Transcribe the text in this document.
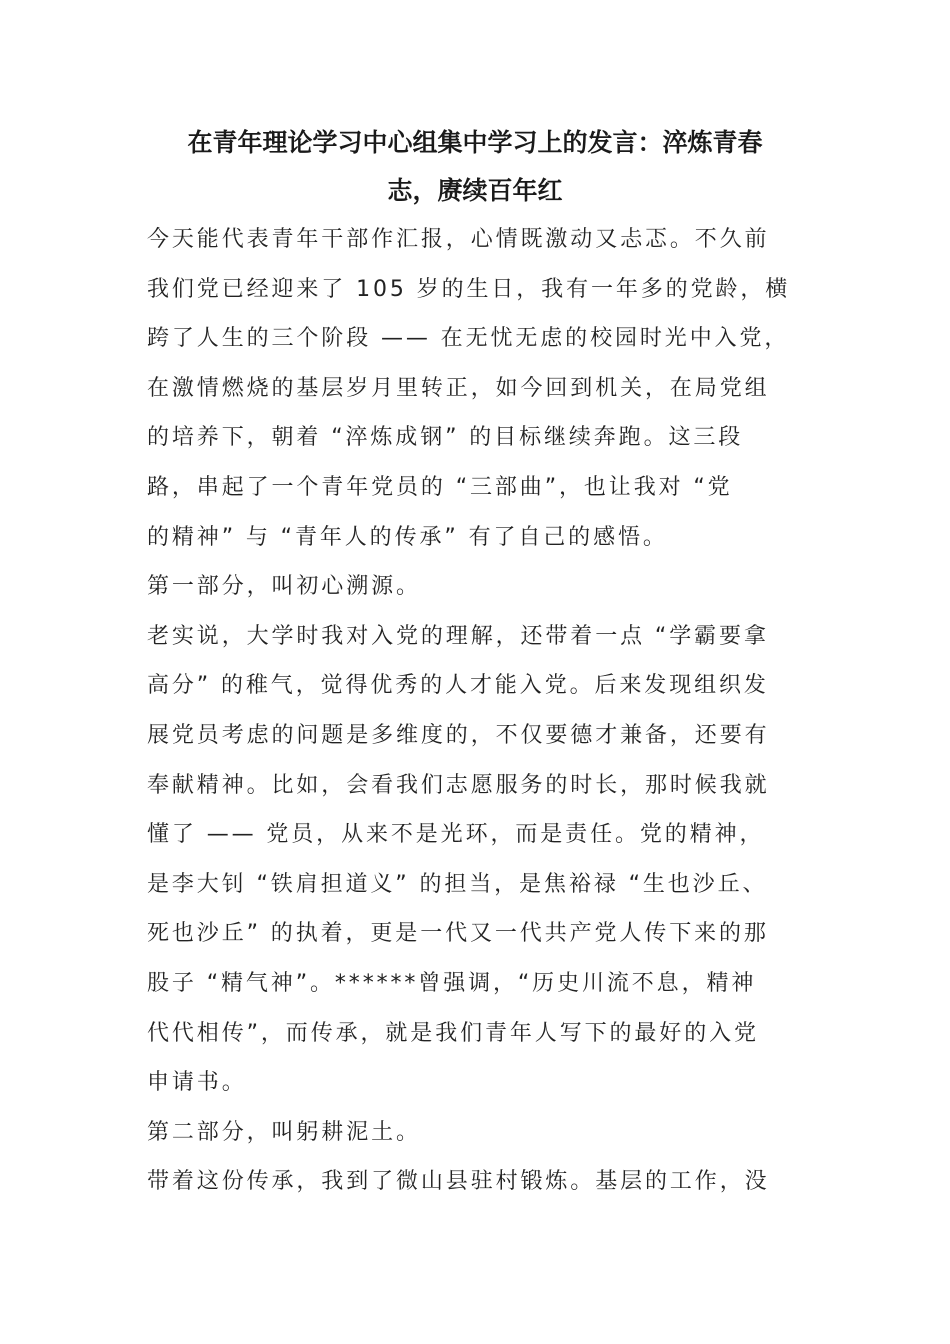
在青年理论学习中心组集中学习上的发言：淬炼青春
志，赓续百年红

今天能代表青年干部作汇报，心情既激动又忐忑。不久前

我们党已经迎来了 105 岁的生日，我有一年多的党龄，横

跨了人生的三个阶段 —— 在无忧无虑的校园时光中入党，

在激情燃烧的基层岁月里转正，如今回到机关，在局党组

的培养下，朝着 “淬炼成钢” 的目标继续奔跑。这三段

路，串起了一个青年党员的 “三部曲”，也让我对 “党

的精神” 与 “青年人的传承” 有了自己的感悟。

第一部分，叫初心溯源。

老实说，大学时我对入党的理解，还带着一点 “学霸要拿

高分” 的稚气，觉得优秀的人才能入党。后来发现组织发

展党员考虑的问题是多维度的，不仅要德才兼备，还要有

奉献精神。比如，会看我们志愿服务的时长，那时候我就

懂了 —— 党员，从来不是光环，而是责任。党的精神，

是李大钊 “铁肩担道义” 的担当，是焦裕禄 “生也沙丘、

死也沙丘” 的执着，更是一代又一代共产党人传下来的那

股子 “精气神”。******曾强调，“历史川流不息，精神

代代相传”，而传承，就是我们青年人写下的最好的入党

申请书。

第二部分，叫躬耕泥土。

带着这份传承，我到了微山县驻村锻炼。基层的工作，没
